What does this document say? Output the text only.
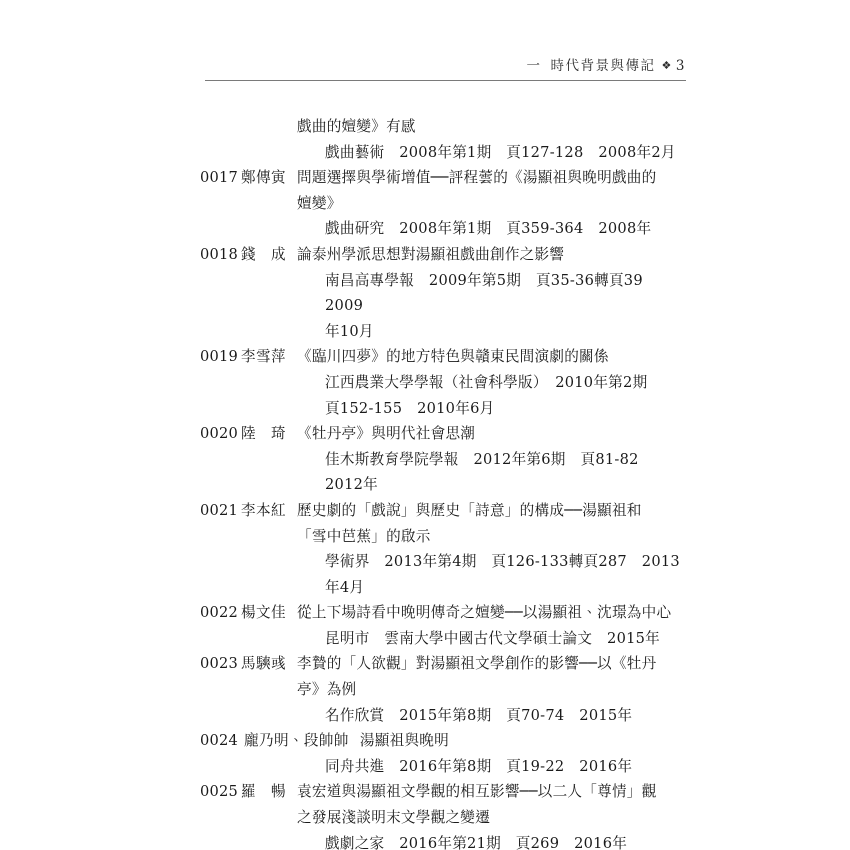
一 時代背景與傳記 ❖ 3
戲曲的嬗變》有感
戲曲藝術　2008年第1期　頁127-128　2008年2月
0017 鄭傳寅 問題選擇與學術增值──評程蕓的《湯顯祖與晚明戲曲的
嬗變》
戲曲研究　2008年第1期　頁359-364　2008年
0018 錢　成 論泰州學派思想對湯顯祖戲曲創作之影響
南昌高專學報　2009年第5期　頁35-36轉頁39　2009
年10月
0019 李雪萍 《臨川四夢》的地方特色與贛東民間演劇的關係
江西農業大學學報（社會科學版）　2010年第2期
頁152-155　2010年6月
0020 陸　琦 《牡丹亭》與明代社會思潮
佳木斯教育學院學報　2012年第6期　頁81-82　2012年
0021 李本紅 歷史劇的「戲說」與歷史「詩意」的構成──湯顯祖和
「雪中芭蕉」的啟示
學術界　2013年第4期　頁126-133轉頁287　2013年4月
0022 楊文佳 從上下場詩看中晚明傳奇之嬗變──以湯顯祖、沈璟為中心
昆明市　雲南大學中國古代文學碩士論文　2015年
0023 馬騻彧 李贄的「人欲觀」對湯顯祖文學創作的影響──以《牡丹
亭》為例
名作欣賞　2015年第8期　頁70-74　2015年
0024 龐乃明、段帥帥 湯顯祖與晚明
同舟共進　2016年第8期　頁19-22　2016年
0025 羅　暢 袁宏道與湯顯祖文學觀的相互影響──以二人「尊情」觀
之發展淺談明末文學觀之變遷
戲劇之家　2016年第21期　頁269　2016年
